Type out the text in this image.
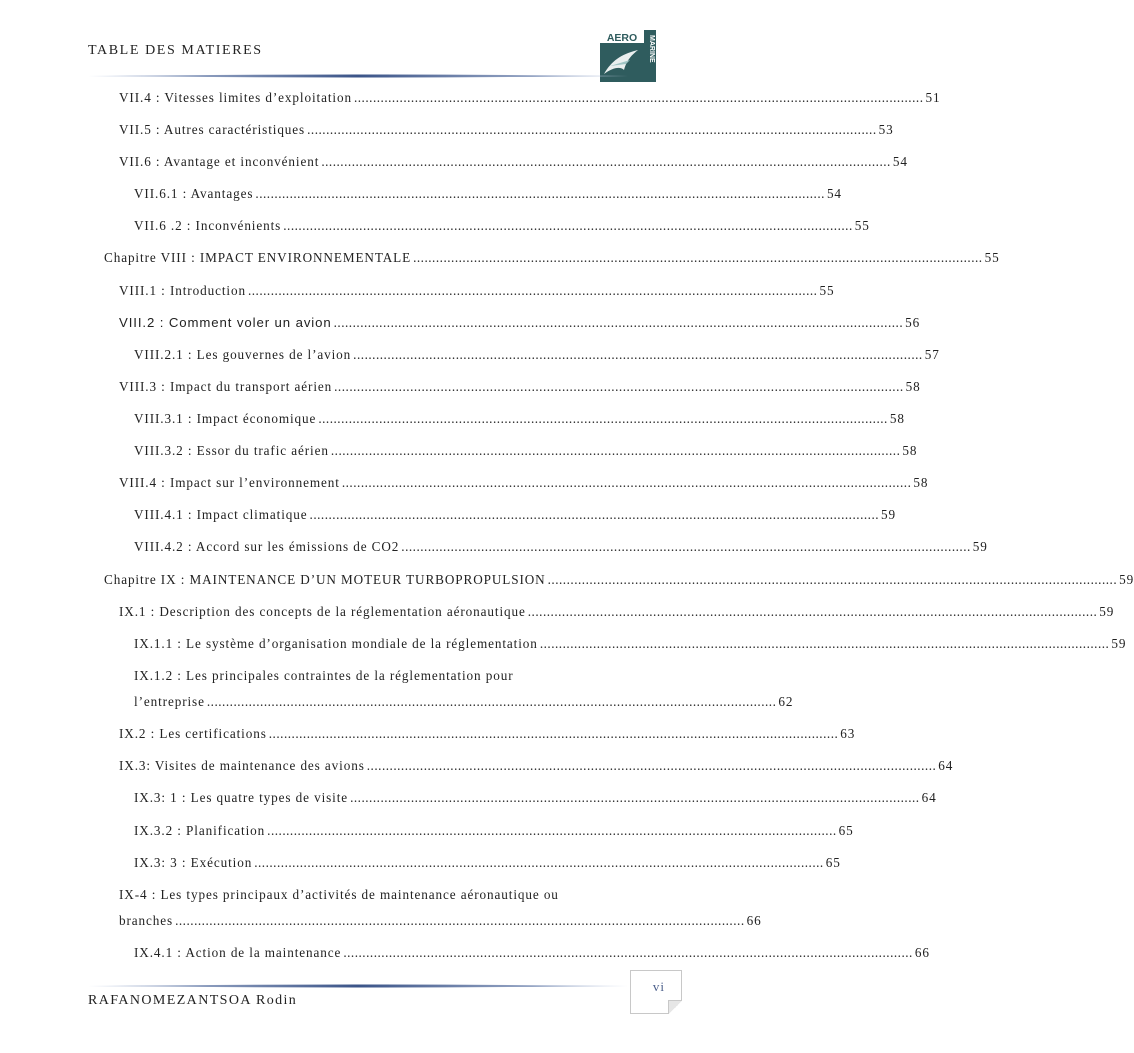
TABLE DES MATIERES
AERO MARINE
VII.4 : Vitesses limites d’exploitation ...................................................................................................................................................... 51
VII.5 : Autres caractéristiques ...................................................................................................................................................... 53
VII.6 : Avantage et inconvénient ...................................................................................................................................................... 54
VII.6.1 : Avantages ...................................................................................................................................................... 54
VII.6 .2 : Inconvénients ...................................................................................................................................................... 55
Chapitre VIII : IMPACT ENVIRONNEMENTALE ...................................................................................................................................................... 55
VIII.1 : Introduction ...................................................................................................................................................... 55
VIII.2 : Comment voler un avion ...................................................................................................................................................... 56
VIII.2.1 : Les gouvernes de l’avion ...................................................................................................................................................... 57
VIII.3 : Impact du transport aérien ...................................................................................................................................................... 58
VIII.3.1 : Impact économique ...................................................................................................................................................... 58
VIII.3.2 : Essor du trafic aérien ...................................................................................................................................................... 58
VIII.4 : Impact sur l’environnement ...................................................................................................................................................... 58
VIII.4.1 : Impact climatique ...................................................................................................................................................... 59
VIII.4.2 : Accord sur les émissions de CO2 ...................................................................................................................................................... 59
Chapitre IX : MAINTENANCE D’UN MOTEUR TURBOPROPULSION ...................................................................................................................................................... 59
IX.1 : Description des concepts de la réglementation aéronautique ...................................................................................................................................................... 59
IX.1.1 : Le système d’organisation mondiale de la réglementation ...................................................................................................................................................... 59
IX.1.2 : Les principales contraintes de la réglementation pour
l’entreprise ...................................................................................................................................................... 62
IX.2 : Les certifications ...................................................................................................................................................... 63
IX.3: Visites de maintenance des avions ...................................................................................................................................................... 64
IX.3: 1 : Les quatre types de visite ...................................................................................................................................................... 64
IX.3.2 : Planification ...................................................................................................................................................... 65
IX.3: 3 : Exécution ...................................................................................................................................................... 65
IX-4 : Les types principaux d’activités de maintenance aéronautique ou
branches ...................................................................................................................................................... 66
IX.4.1 : Action de la maintenance ...................................................................................................................................................... 66
vi
RAFANOMEZANTSOA Rodin
